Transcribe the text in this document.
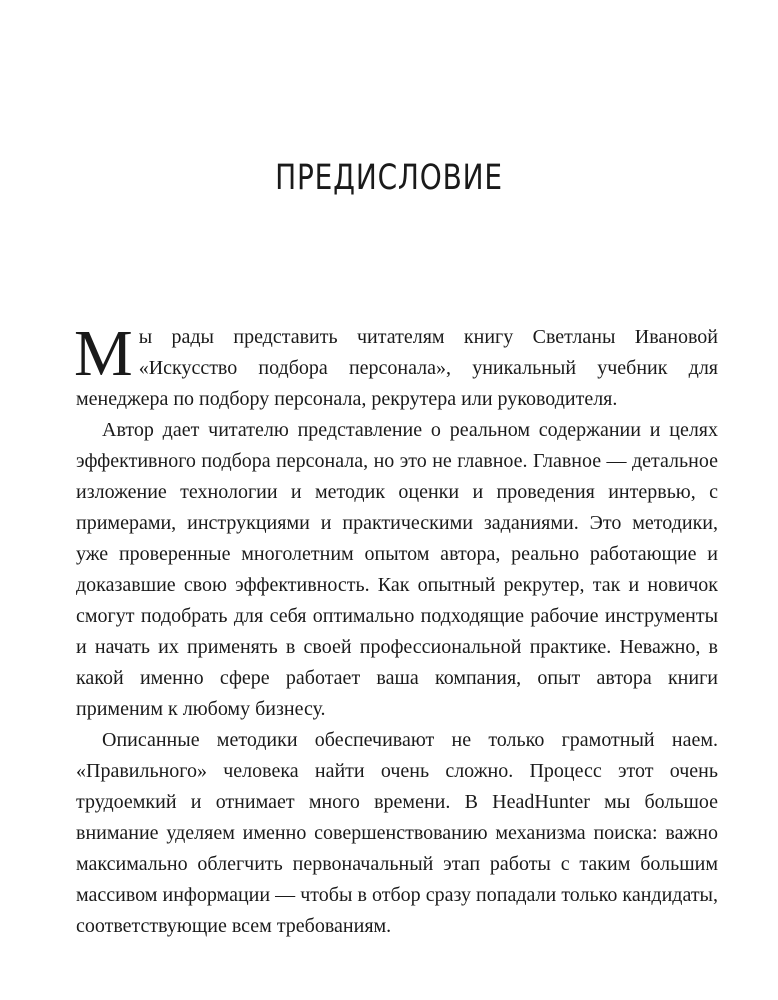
ПРЕДИСЛОВИЕ

Мы рады представить читателям книгу Светланы Ивановой «Искусство подбора персонала», уникальный учебник для менеджера по подбору персонала, рекрутера или руководителя.

Автор дает читателю представление о реальном содержании и целях эффективного подбора персонала, но это не главное. Главное — детальное изложение технологии и методик оценки и проведения интервью, с примерами, инструкциями и практическими заданиями. Это методики, уже проверенные многолетним опытом автора, реально работающие и доказавшие свою эффективность. Как опытный рекрутер, так и новичок смогут подобрать для себя оптимально подходящие рабочие инструменты и начать их применять в своей профессиональной практике. Неважно, в какой именно сфере работает ваша компания, опыт автора книги применим к любому бизнесу.

Описанные методики обеспечивают не только грамотный наем. «Правильного» человека найти очень сложно. Процесс этот очень трудоемкий и отнимает много времени. В HeadHunter мы большое внимание уделяем именно совершенствованию механизма поиска: важно максимально облегчить первоначальный этап работы с таким большим массивом информации — чтобы в отбор сразу попадали только кандидаты, соответствующие всем требованиям.
